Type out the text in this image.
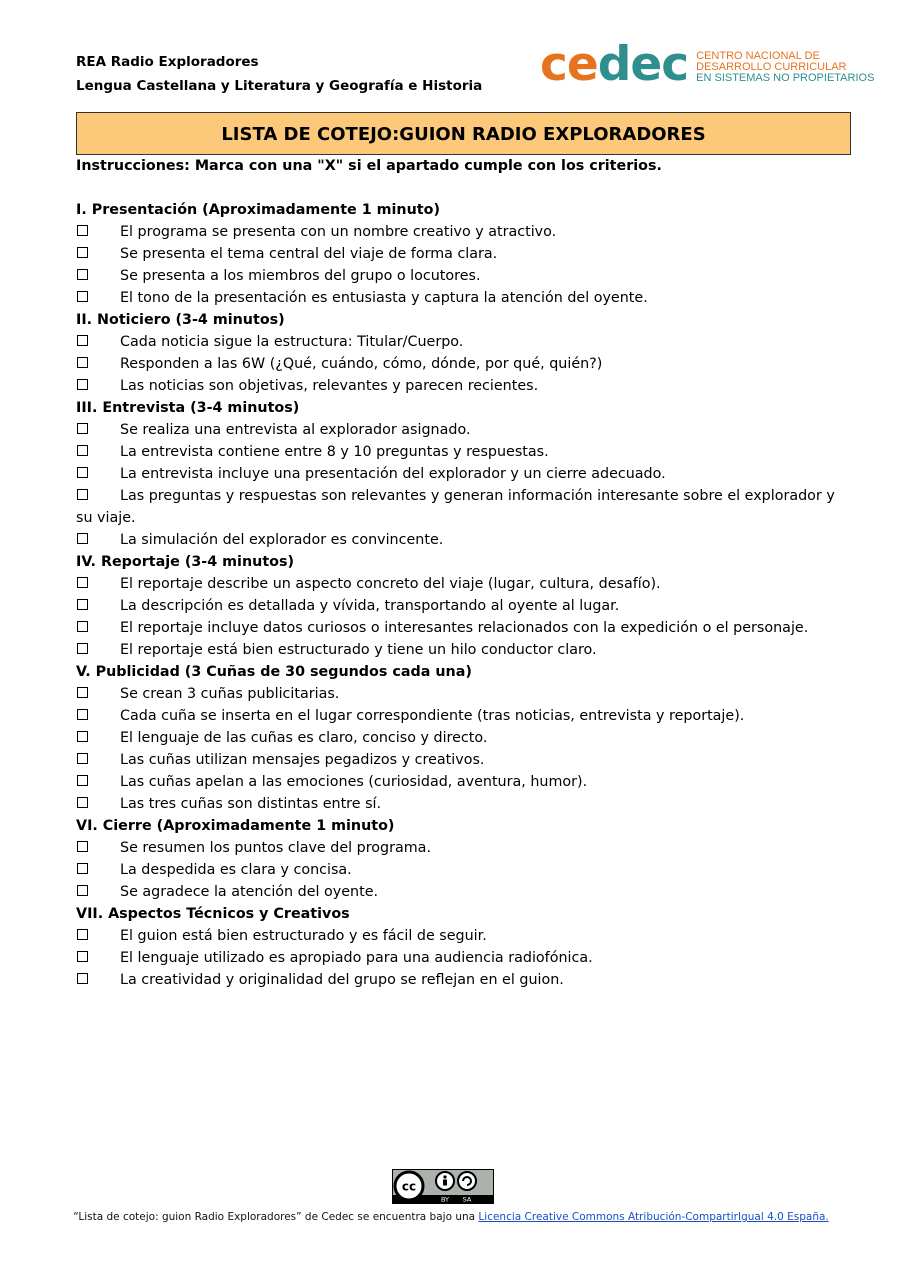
REA Radio Exploradores
Lengua Castellana y Literatura y Geografía e Historia cedec CENTRO NACIONAL DE
DESARROLLO CURRICULAR
EN SISTEMAS NO PROPIETARIOS
LISTA DE COTEJO:GUION RADIO EXPLORADORES
Instrucciones: Marca con una "X" si el apartado cumple con los criterios.
I. Presentación (Aproximadamente 1 minuto)
El programa se presenta con un nombre creativo y atractivo.
Se presenta el tema central del viaje de forma clara.
Se presenta a los miembros del grupo o locutores.
El tono de la presentación es entusiasta y captura la atención del oyente.
II. Noticiero (3-4 minutos)
Cada noticia sigue la estructura: Titular/Cuerpo.
Responden a las 6W (¿Qué, cuándo, cómo, dónde, por qué, quién?)
Las noticias son objetivas, relevantes y parecen recientes.
III. Entrevista (3-4 minutos)
Se realiza una entrevista al explorador asignado.
La entrevista contiene entre 8 y 10 preguntas y respuestas.
La entrevista incluye una presentación del explorador y un cierre adecuado.
Las preguntas y respuestas son relevantes y generan información interesante sobre el explorador y su viaje.
La simulación del explorador es convincente.
IV. Reportaje (3-4 minutos)
El reportaje describe un aspecto concreto del viaje (lugar, cultura, desafío).
La descripción es detallada y vívida, transportando al oyente al lugar.
El reportaje incluye datos curiosos o interesantes relacionados con la expedición o el personaje.
El reportaje está bien estructurado y tiene un hilo conductor claro.
V. Publicidad (3 Cuñas de 30 segundos cada una)
Se crean 3 cuñas publicitarias.
Cada cuña se inserta en el lugar correspondiente (tras noticias, entrevista y reportaje).
El lenguaje de las cuñas es claro, conciso y directo.
Las cuñas utilizan mensajes pegadizos y creativos.
Las cuñas apelan a las emociones (curiosidad, aventura, humor).
Las tres cuñas son distintas entre sí.
VI. Cierre (Aproximadamente 1 minuto)
Se resumen los puntos clave del programa.
La despedida es clara y concisa.
Se agradece la atención del oyente.
VII. Aspectos Técnicos y Creativos
El guion está bien estructurado y es fácil de seguir.
El lenguaje utilizado es apropiado para una audiencia radiofónica.
La creatividad y originalidad del grupo se reflejan en el guion.
cc
BY SA
“Lista de cotejo: guion Radio Exploradores” de Cedec se encuentra bajo una Licencia Creative Commons Atribución-CompartirIgual 4.0 España.
